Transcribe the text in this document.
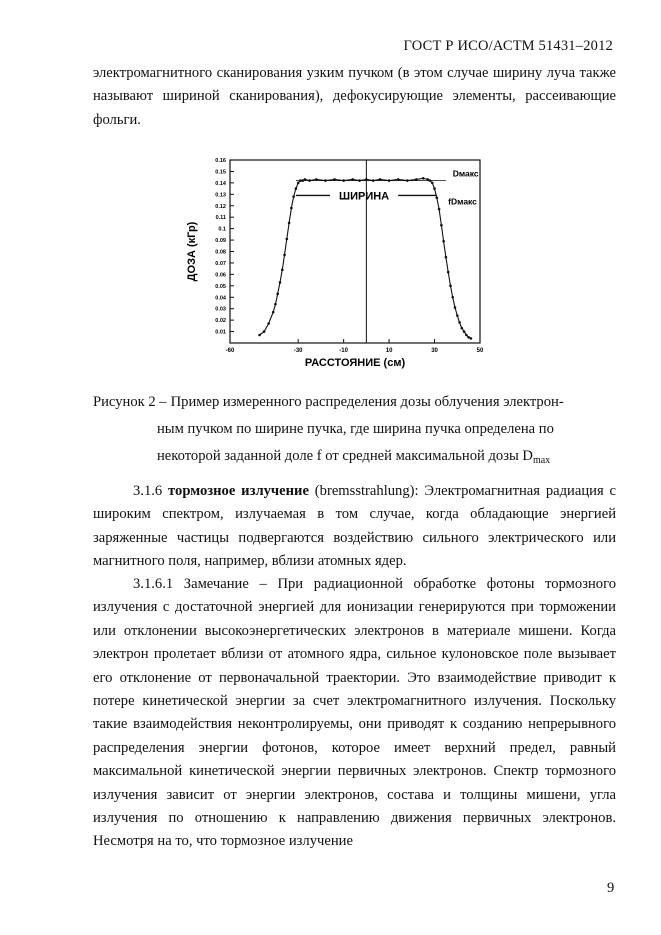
ГОСТ Р ИСО/АСТМ 51431–2012
электромагнитного сканирования узким пучком (в этом случае ширину луча также называют шириной сканирования), дефокусирующие элементы, рассеивающие фольги.
0.16
0.15
0.14
0.13
0.12
0.11
0.1
0.09
0.08
0.07
0.06
0.05
0.04
0.03
0.02
0.01
-60	-30	-10	10	30	50
РАССТОЯНИЕ (см)
ДОЗА (кГр)
ШИРИНА
Dмакс
fDмакс
Рисунок 2 – Пример измеренного распределения дозы облучения электрон-
ным пучком по ширине пучка, где ширина пучка определена по
некоторой заданной доле f от средней максимальной дозы $D_{max}$
3.1.6 тормозное излучение (bremsstrahlung): Электромагнитная радиация с широким спектром, излучаемая в том случае, когда обладающие энергией заряженные частицы подвергаются воздействию сильного электрического или магнитного поля, например, вблизи атомных ядер.
3.1.6.1 Замечание – При радиационной обработке фотоны тормозного излучения с достаточной энергией для ионизации генерируются при торможении или отклонении высокоэнергетических электронов в материале мишени. Когда электрон пролетает вблизи от атомного ядра, сильное кулоновское поле вызывает его отклонение от первоначальной траектории. Это взаимодействие приводит к потере кинетической энергии за счет электромагнитного излучения. Поскольку такие взаимодействия неконтролируемы, они приводят к созданию непрерывного распределения энергии фотонов, которое имеет верхний предел, равный максимальной кинетической энергии первичных электронов. Спектр тормозного излучения зависит от энергии электронов, состава и толщины мишени, угла излучения по отношению к направлению движения первичных электронов. Несмотря на то, что тормозное излучение
9
